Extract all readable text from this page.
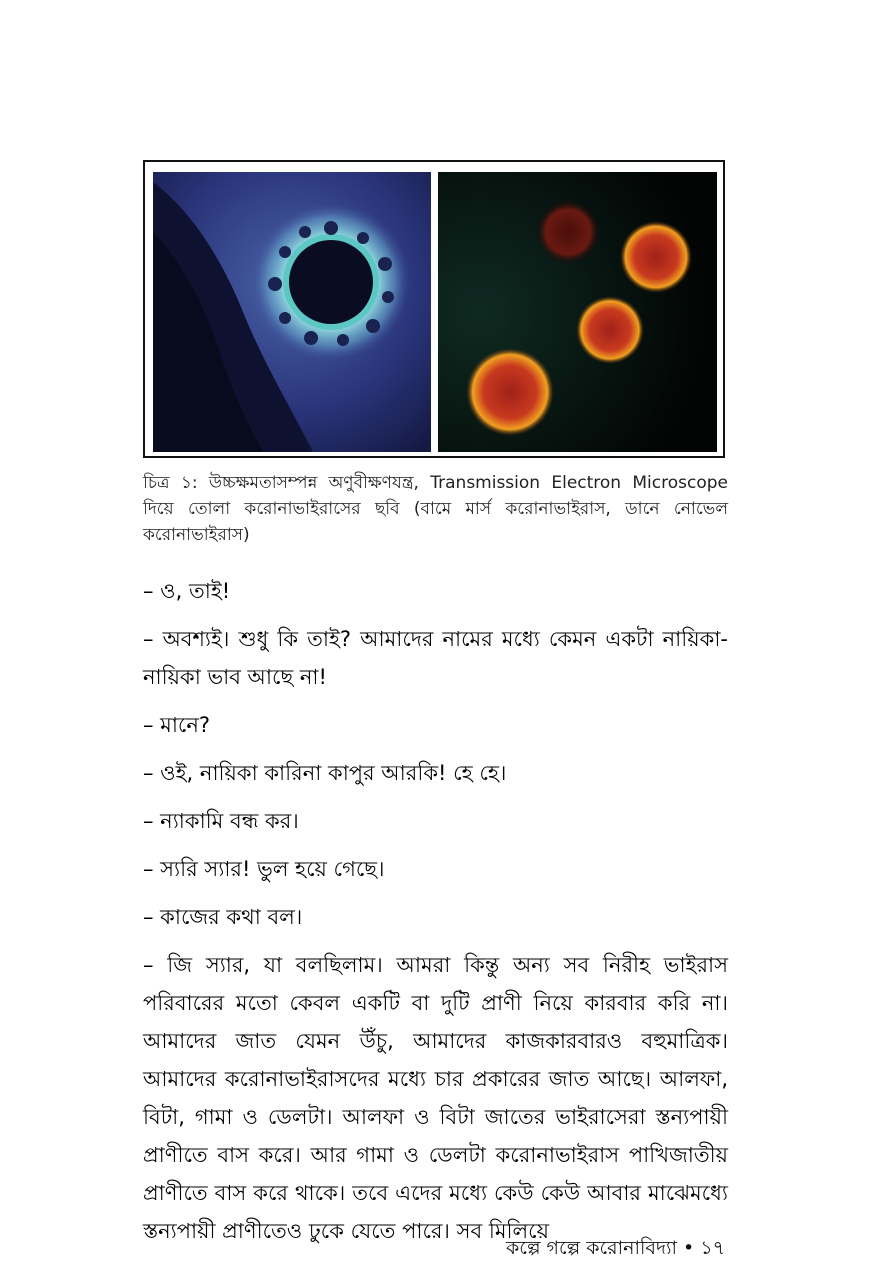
চিত্র ১: উচ্চক্ষমতাসম্পন্ন অণুবীক্ষণযন্ত্র, Transmission Electron Microscope দিয়ে তোলা করোনাভাইরাসের ছবি (বামে মার্স করোনাভাইরাস, ডানে নোভেল করোনাভাইরাস)

– ও, তাই!

– অবশ্যই। শুধু কি তাই? আমাদের নামের মধ্যে কেমন একটা নায়িকা-নায়িকা ভাব আছে না!

– মানে?

– ওই, নায়িকা কারিনা কাপুর আরকি! হে হে।

– ন্যাকামি বন্ধ কর।

– স্যরি স্যার! ভুল হয়ে গেছে।

– কাজের কথা বল।

– জি স্যার, যা বলছিলাম। আমরা কিন্তু অন্য সব নিরীহ ভাইরাস পরিবারের মতো কেবল একটি বা দুটি প্রাণী নিয়ে কারবার করি না। আমাদের জাত যেমন উঁচু, আমাদের কাজকারবারও বহুমাত্রিক। আমাদের করোনাভাইরাসদের মধ্যে চার প্রকারের জাত আছে। আলফা, বিটা, গামা ও ডেলটা। আলফা ও বিটা জাতের ভাইরাসেরা স্তন্যপায়ী প্রাণীতে বাস করে। আর গামা ও ডেলটা করোনাভাইরাস পাখিজাতীয় প্রাণীতে বাস করে থাকে। তবে এদের মধ্যে কেউ কেউ আবার মাঝেমধ্যে স্তন্যপায়ী প্রাণীতেও ঢুকে যেতে পারে। সব মিলিয়ে

কল্পে গল্পে করোনাবিদ্যা • ১৭
